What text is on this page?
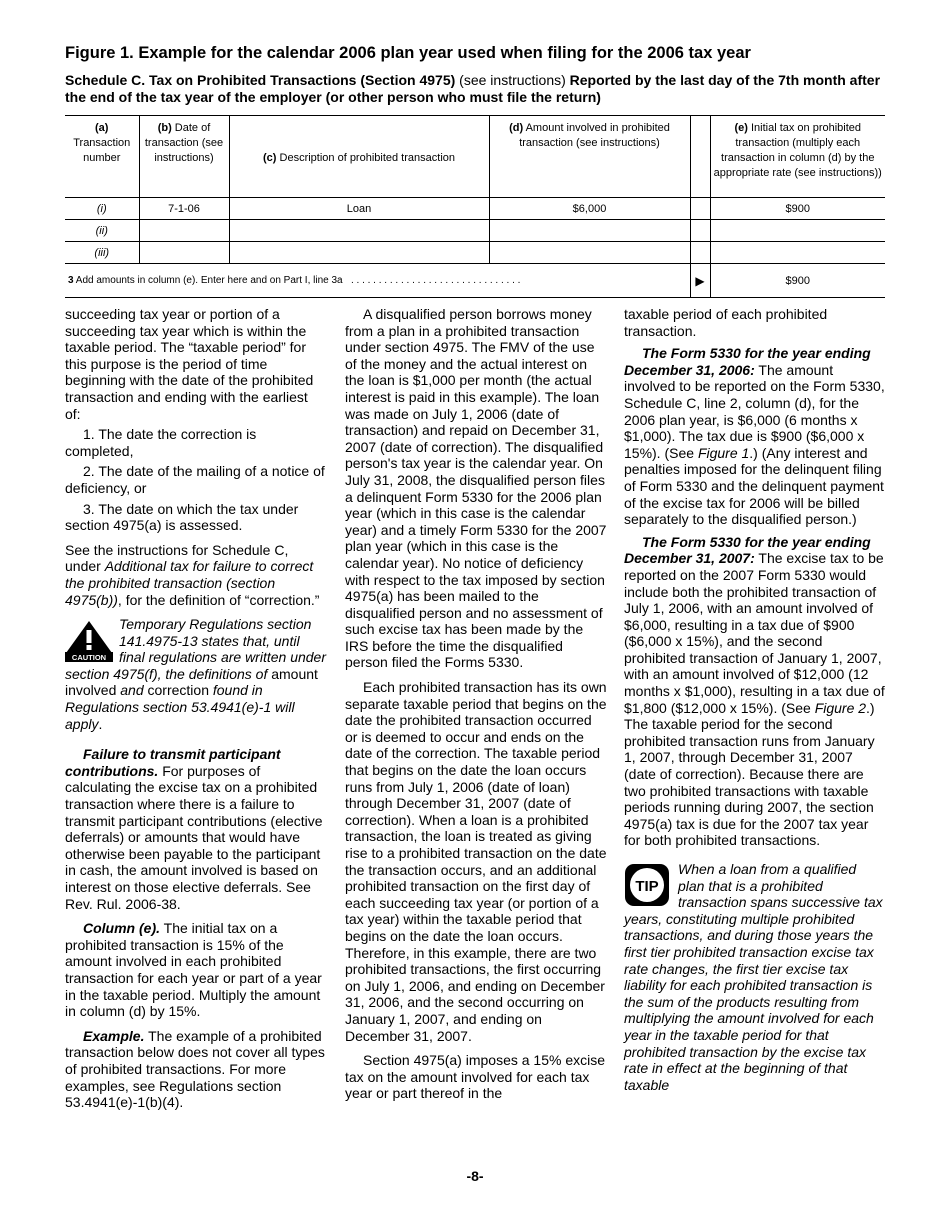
Figure 1. Example for the calendar 2006 plan year used when filing for the 2006 tax year
Schedule C. Tax on Prohibited Transactions (Section 4975) (see instructions) Reported by the last day of the 7th month after the end of the tax year of the employer (or other person who must file the return)
(a)
Transaction number	(b) Date of transaction (see instructions)	(c) Description of prohibited transaction	(d) Amount involved in prohibited transaction (see instructions)		(e) Initial tax on prohibited transaction (multiply each transaction in column (d) by the appropriate rate (see instructions))
(i)	7-1-06	Loan	$6,000		$900
(ii)					
(iii)					
3 Add amounts in column (e). Enter here and on Part I, line 3a . . . . . . . . . . . . . . . . . . . . . . . . . . . . . . .				▶	$900

succeeding tax year or portion of a succeeding tax year which is within the taxable period. The “taxable period” for this purpose is the period of time beginning with the date of the prohibited transaction and ending with the earliest of:

1. The date the correction is completed,

2. The date of the mailing of a notice of deficiency, or

3. The date on which the tax under section 4975(a) is assessed.

See the instructions for Schedule C, under Additional tax for failure to correct the prohibited transaction (section 4975(b)), for the definition of “correction.”

CAUTION

Temporary Regulations section 141.4975-13 states that, until final regulations are written under section 4975(f), the definitions of amount involved and correction found in Regulations section 53.4941(e)-1 will apply.

Failure to transmit participant contributions. For purposes of calculating the excise tax on a prohibited transaction where there is a failure to transmit participant contributions (elective deferrals) or amounts that would have otherwise been payable to the participant in cash, the amount involved is based on interest on those elective deferrals. See Rev. Rul. 2006-38.

Column (e). The initial tax on a prohibited transaction is 15% of the amount involved in each prohibited transaction for each year or part of a year in the taxable period. Multiply the amount in column (d) by 15%.

Example. The example of a prohibited transaction below does not cover all types of prohibited transactions. For more examples, see Regulations section 53.4941(e)-1(b)(4).

A disqualified person borrows money from a plan in a prohibited transaction under section 4975. The FMV of the use of the money and the actual interest on the loan is $1,000 per month (the actual interest is paid in this example). The loan was made on July 1, 2006 (date of transaction) and repaid on December 31, 2007 (date of correction). The disqualified person's tax year is the calendar year. On July 31, 2008, the disqualified person files a delinquent Form 5330 for the 2006 plan year (which in this case is the calendar year) and a timely Form 5330 for the 2007 plan year (which in this case is the calendar year). No notice of deficiency with respect to the tax imposed by section 4975(a) has been mailed to the disqualified person and no assessment of such excise tax has been made by the IRS before the time the disqualified person filed the Forms 5330.

Each prohibited transaction has its own separate taxable period that begins on the date the prohibited transaction occurred or is deemed to occur and ends on the date of the correction. The taxable period that begins on the date the loan occurs runs from July 1, 2006 (date of loan) through December 31, 2007 (date of correction). When a loan is a prohibited transaction, the loan is treated as giving rise to a prohibited transaction on the date the transaction occurs, and an additional prohibited transaction on the first day of each succeeding tax year (or portion of a tax year) within the taxable period that begins on the date the loan occurs. Therefore, in this example, there are two prohibited transactions, the first occurring on July 1, 2006, and ending on December 31, 2006, and the second occurring on January 1, 2007, and ending on December 31, 2007.

Section 4975(a) imposes a 15% excise tax on the amount involved for each tax year or part thereof in the

taxable period of each prohibited transaction.

The Form 5330 for the year ending December 31, 2006: The amount involved to be reported on the Form 5330, Schedule C, line 2, column (d), for the 2006 plan year, is $6,000 (6 months x $1,000). The tax due is $900 ($6,000 x 15%). (See Figure 1.) (Any interest and penalties imposed for the delinquent filing of Form 5330 and the delinquent payment of the excise tax for 2006 will be billed separately to the disqualified person.)

The Form 5330 for the year ending December 31, 2007: The excise tax to be reported on the 2007 Form 5330 would include both the prohibited transaction of July 1, 2006, with an amount involved of $6,000, resulting in a tax due of $900 ($6,000 x 15%), and the second prohibited transaction of January 1, 2007, with an amount involved of $12,000 (12 months x $1,000), resulting in a tax due of $1,800 ($12,000 x 15%). (See Figure 2.) The taxable period for the second prohibited transaction runs from January 1, 2007, through December 31, 2007 (date of correction). Because there are two prohibited transactions with taxable periods running during 2007, the section 4975(a) tax is due for the 2007 tax year for both prohibited transactions.

TIP

When a loan from a qualified plan that is a prohibited transaction spans successive tax years, constituting multiple prohibited transactions, and during those years the first tier prohibited transaction excise tax rate changes, the first tier excise tax liability for each prohibited transaction is the sum of the products resulting from multiplying the amount involved for each year in the taxable period for that prohibited transaction by the excise tax rate in effect at the beginning of that taxable

-8-
